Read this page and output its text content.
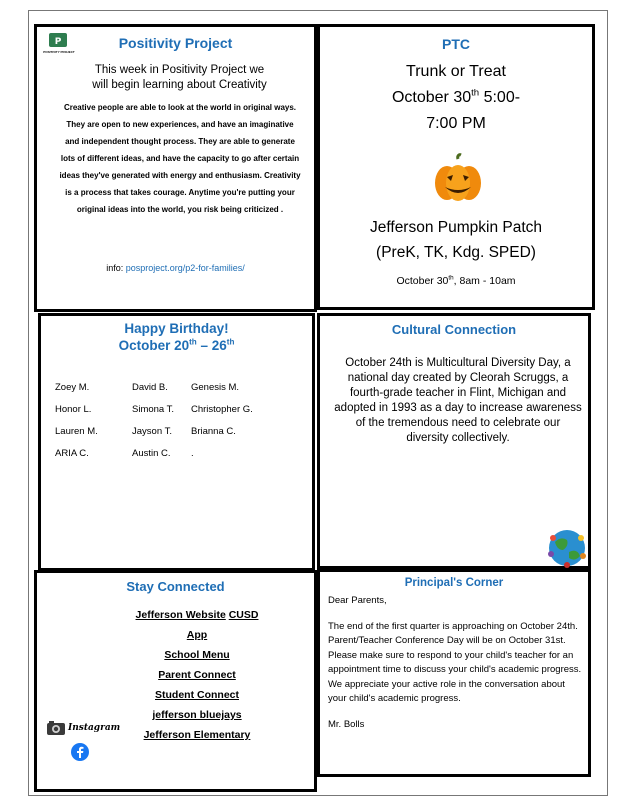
P
POSITIVITY PROJECT
Positivity Project
This week in Positivity Project we
will begin learning about Creativity
Creative people are able to look at the world in original ways. They are open to new experiences, and have an imaginative and independent thought process. They are able to generate lots of different ideas, and have the capacity to go after certain ideas they've generated with energy and enthusiasm. Creativity is a process that takes courage. Anytime you're putting your original ideas into the world, you risk being criticized .
info: posproject.org/p2-for-families/
PTC
Trunk or Treat
October 30th 5:00-
7:00 PM
Jefferson Pumpkin Patch
(PreK, TK, Kdg. SPED)
October 30th, 8am - 10am
Happy Birthday!
October 20th – 26th
Zoey M.	David B.	Genesis M.
Honor L.	Simona T.	Christopher G.
Lauren M.	Jayson T.	Brianna C.
ARIA C.	Austin C.	.
Cultural Connection
October 24th is Multicultural Diversity Day, a national day created by Cleorah Scruggs, a fourth-grade teacher in Flint, Michigan and adopted in 1993 as a day to increase awareness of the tremendous need to celebrate our diversity collectively.
Stay Connected
Jefferson Website CUSD
App
School Menu
Parent Connect
Student Connect
jefferson bluejays
Jefferson Elementary
Instagram
Principal's Corner

Dear Parents,

The end of the first quarter is approaching on October 24th. Parent/Teacher Conference Day will be on October 31st. Please make sure to respond to your child's teacher for an appointment time to discuss your child's academic progress. We appreciate your active role in the conversation about your child's academic progress.

Mr. Bolls
